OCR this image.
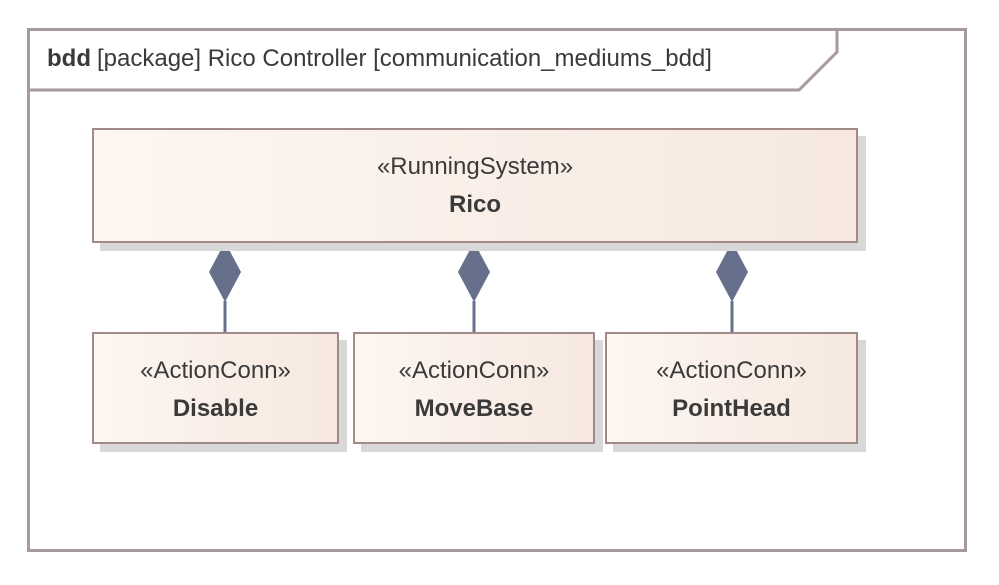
bdd [package] Rico Controller [communication_mediums_bdd]
«RunningSystem»
Rico
«ActionConn»
Disable
«ActionConn»
MoveBase
«ActionConn»
PointHead
